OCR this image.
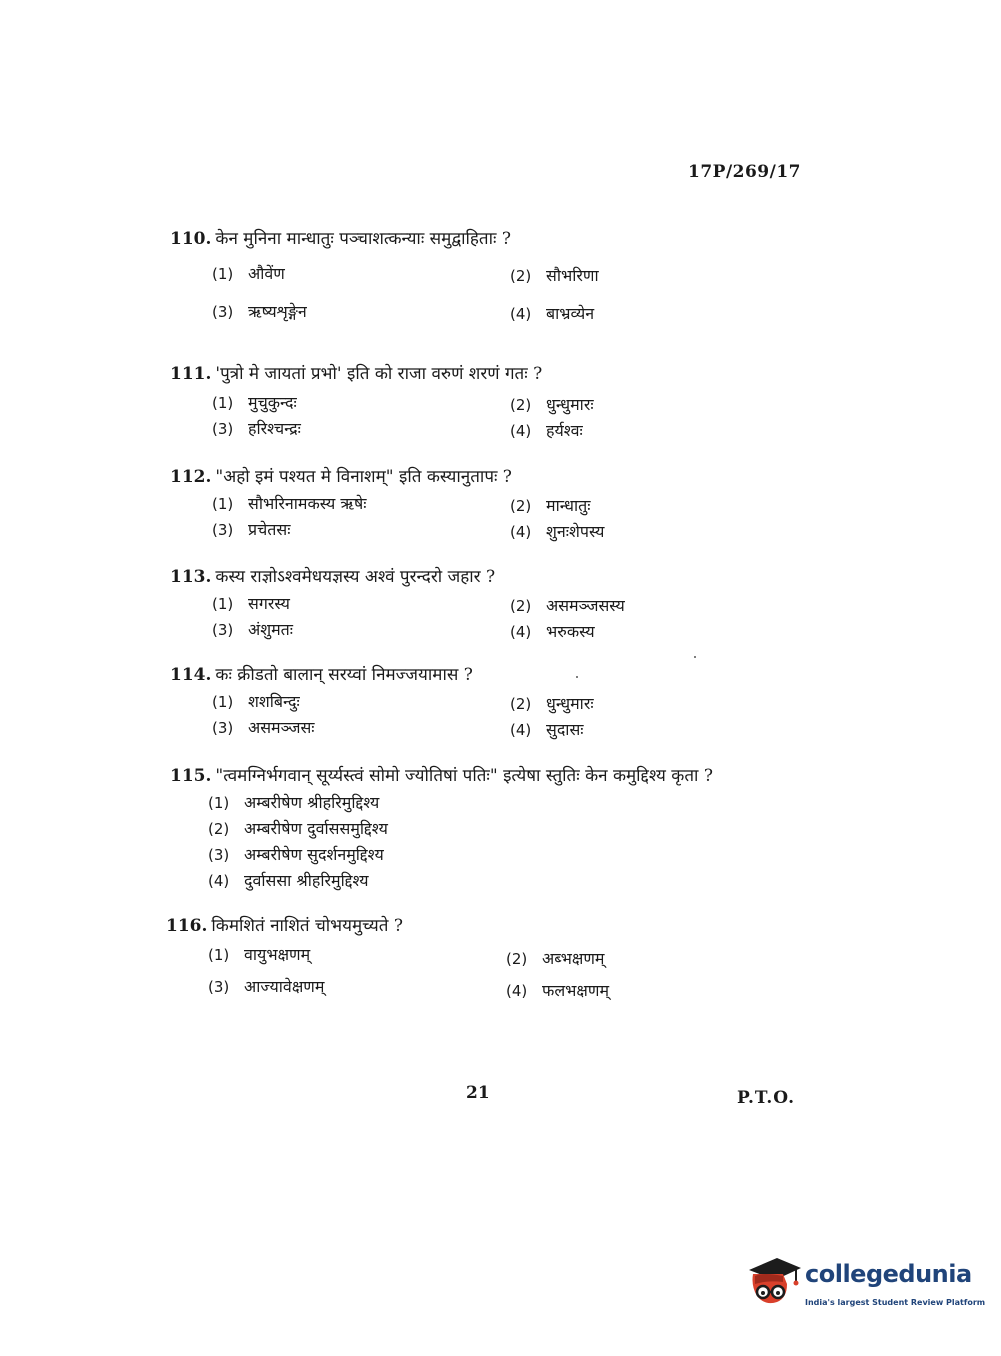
17P/269/17
110. केन मुनिना मान्धातुः पञ्चाशत्कन्याः समुद्वाहिताः ?
(1) औवेंण	(2) सौभरिणा
(3) ऋष्यशृङ्गेन	(4) बाभ्रव्येन
111. 'पुत्रो मे जायतां प्रभो' इति को राजा वरुणं शरणं गतः ?
(1) मुचुकुन्दः	(2) धुन्धुमारः
(3) हरिश्चन्द्रः	(4) हर्यश्वः
112. "अहो इमं पश्यत मे विनाशम्" इति कस्यानुतापः ?
(1) सौभरिनामकस्य ऋषेः	(2) मान्धातुः
(3) प्रचेतसः	(4) शुनःशेपस्य
113. कस्य राज्ञोऽश्वमेधयज्ञस्य अश्वं पुरन्दरो जहार ?
(1) सगरस्य	(2) असमञ्जसस्य
(3) अंशुमतः	(4) भरुकस्य
114. कः क्रीडतो बालान् सरय्वां निमज्जयामास ?
(1) शशबिन्दुः	(2) धुन्धुमारः
(3) असमञ्जसः	(4) सुदासः
115. "त्वमग्निर्भगवान् सूर्य्यस्त्वं सोमो ज्योतिषां पतिः" इत्येषा स्तुतिः केन कमुद्दिश्य कृता ?
(1) अम्बरीषेण श्रीहरिमुद्दिश्य
(2) अम्बरीषेण दुर्वाससमुद्दिश्य
(3) अम्बरीषेण सुदर्शनमुद्दिश्य
(4) दुर्वाससा श्रीहरिमुद्दिश्य
116. किमशितं नाशितं चोभयमुच्यते ?
(1) वायुभक्षणम्	(2) अब्भक्षणम्
(3) आज्यावेक्षणम्	(4) फलभक्षणम्
21	P.T.O.
collegedunia
India's largest Student Review Platform
